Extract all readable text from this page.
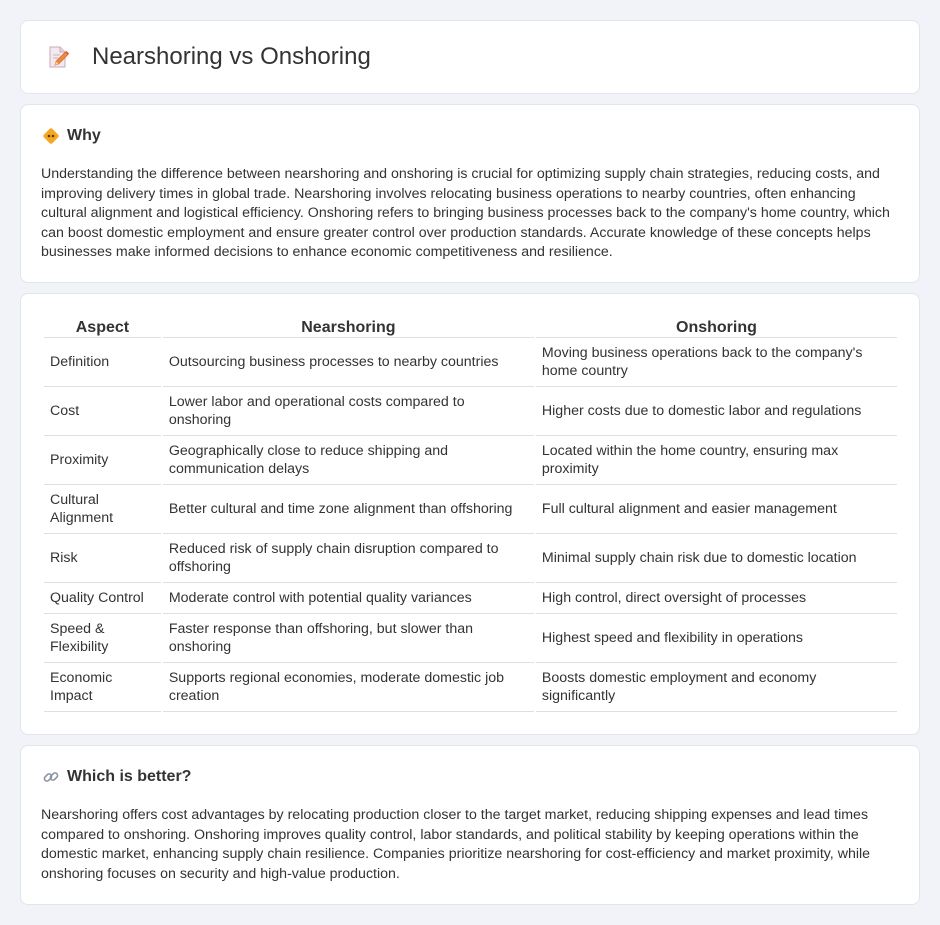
Nearshoring vs Onshoring
Why

Understanding the difference between nearshoring and onshoring is crucial for optimizing supply chain strategies, reducing costs, and improving delivery times in global trade. Nearshoring involves relocating business operations to nearby countries, often enhancing cultural alignment and logistical efficiency. Onshoring refers to bringing business processes back to the company's home country, which can boost domestic employment and ensure greater control over production standards. Accurate knowledge of these concepts helps businesses make informed decisions to enhance economic competitiveness and resilience.

Aspect	Nearshoring	Onshoring
Definition	Outsourcing business processes to nearby countries	Moving business operations back to the company's home country
Cost	Lower labor and operational costs compared to onshoring	Higher costs due to domestic labor and regulations
Proximity	Geographically close to reduce shipping and communication delays	Located within the home country, ensuring max proximity
Cultural Alignment	Better cultural and time zone alignment than offshoring	Full cultural alignment and easier management
Risk	Reduced risk of supply chain disruption compared to offshoring	Minimal supply chain risk due to domestic location
Quality Control	Moderate control with potential quality variances	High control, direct oversight of processes
Speed & Flexibility	Faster response than offshoring, but slower than onshoring	Highest speed and flexibility in operations
Economic Impact	Supports regional economies, moderate domestic job creation	Boosts domestic employment and economy significantly
Which is better?

Nearshoring offers cost advantages by relocating production closer to the target market, reducing shipping expenses and lead times compared to onshoring. Onshoring improves quality control, labor standards, and political stability by keeping operations within the domestic market, enhancing supply chain resilience. Companies prioritize nearshoring for cost-efficiency and market proximity, while onshoring focuses on security and high-value production.
